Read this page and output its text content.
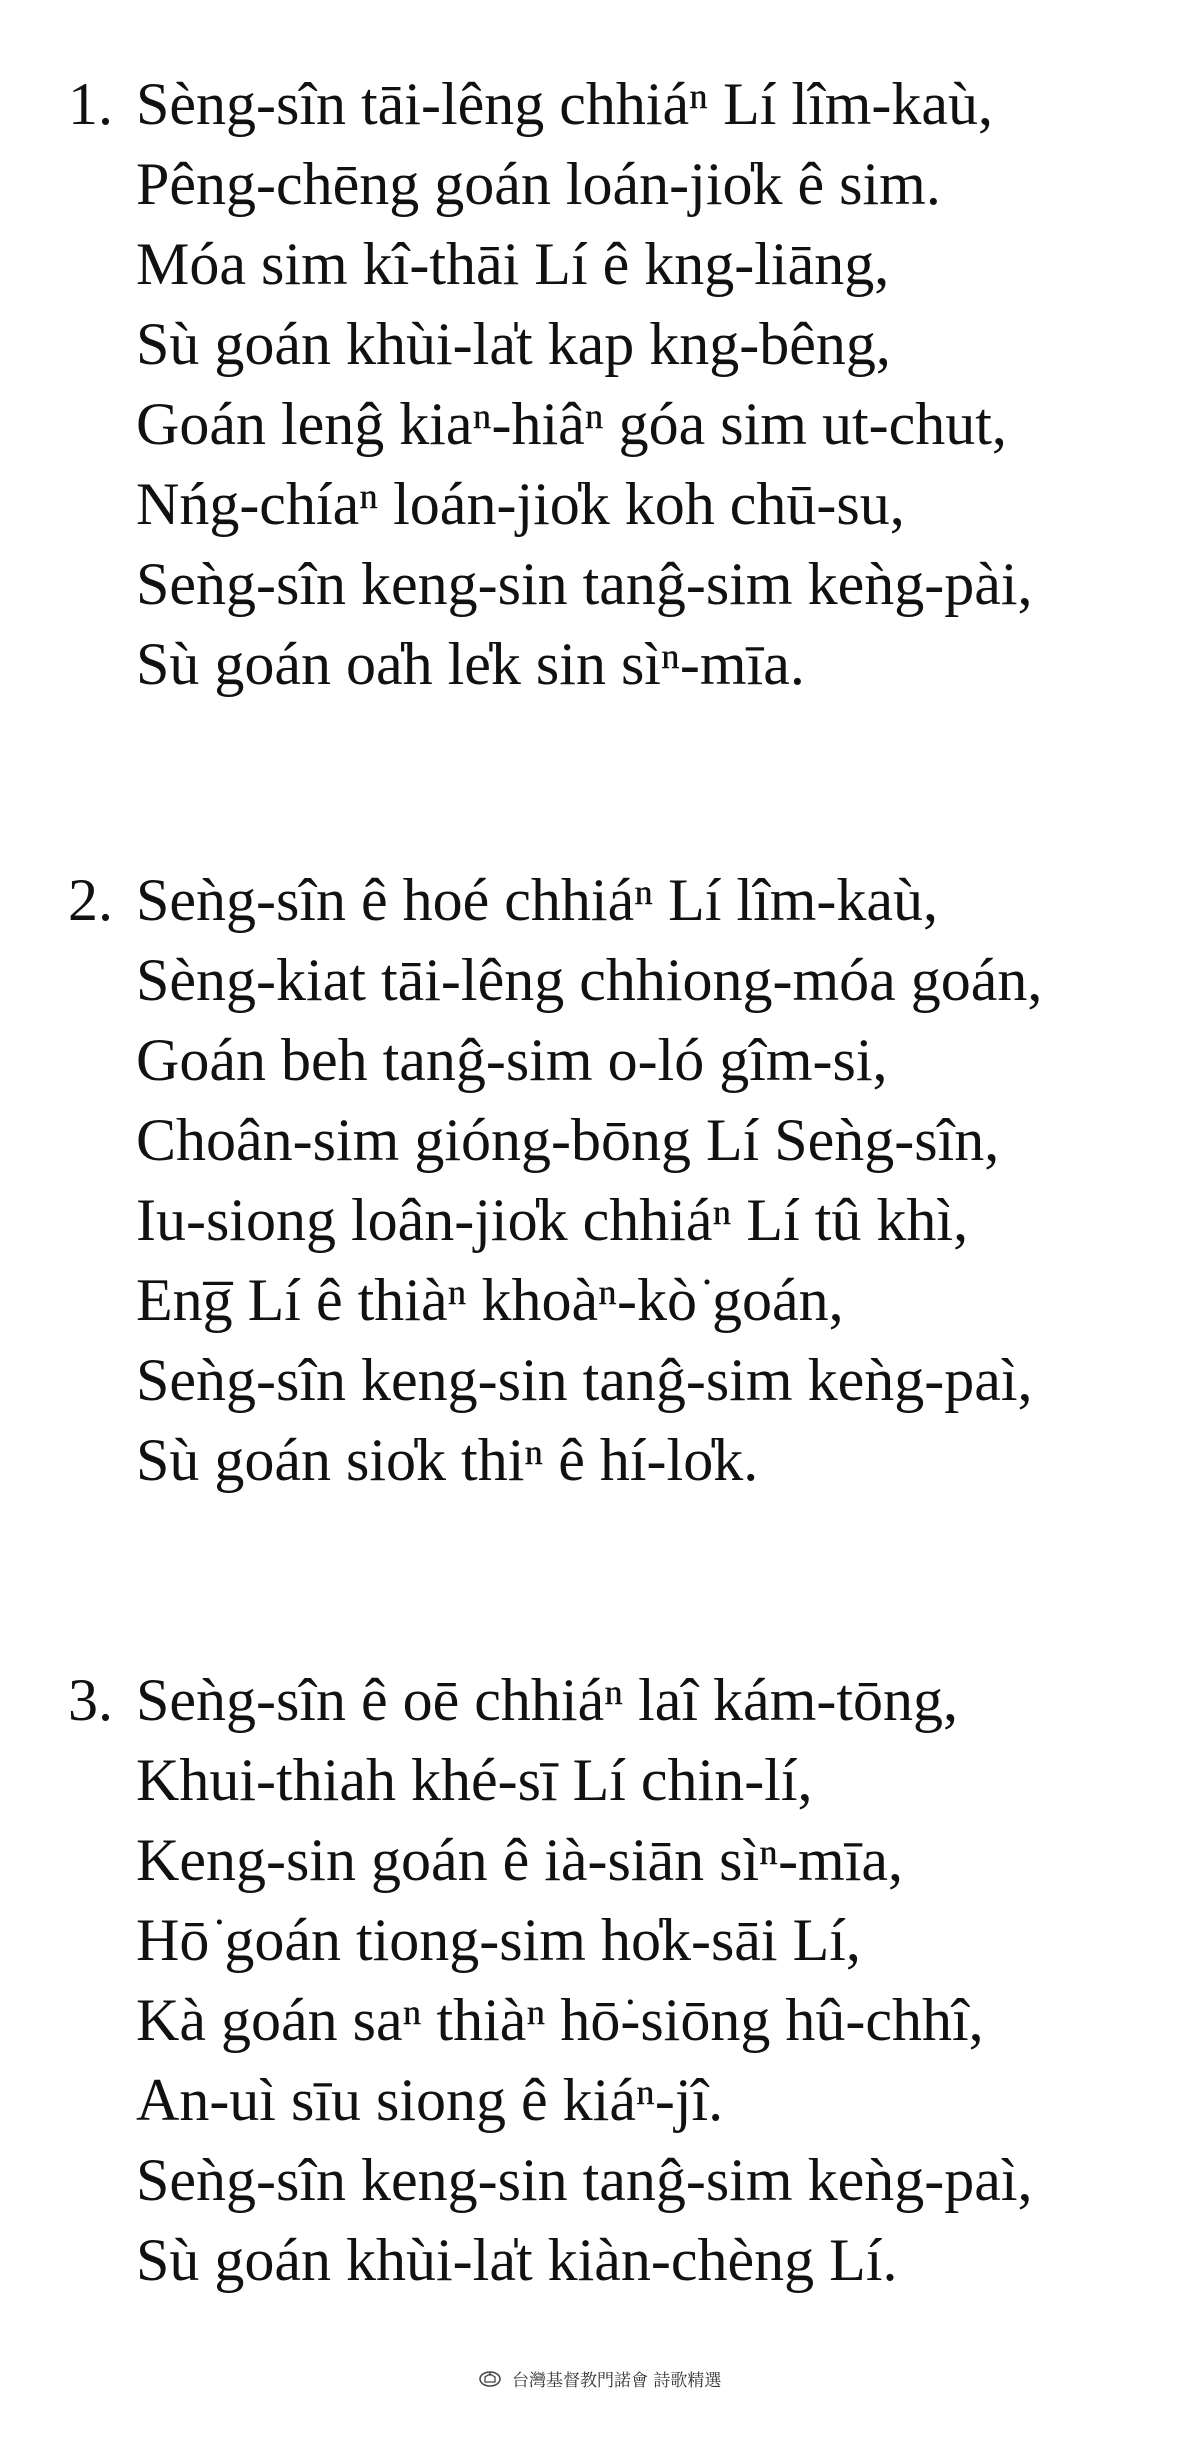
1. Sèng-sîn tāi-lêng chhiáⁿ Lí lîm-kaù,
Pêng-chēng goán loán-jio̍k ê sim.
Móa sim kî-thāi Lí ê kng-liāng,
Sù goán khùi-la̍t kap kng-bêng,
Goán lenĝ kiaⁿ-hiâⁿ góa sim ut-chut,
Nńg-chíaⁿ loán-jio̍k koh chū-su,
Seǹg-sîn keng-sin tanĝ-sim keǹg-pài,
Sù goán oa̍h le̍k sin sìⁿ-mīa.
2. Seǹg-sîn ê hoé chhiáⁿ Lí lîm-kaù,
Sèng-kiat tāi-lêng chhiong-móa goán,
Goán beh tanĝ-sim o-ló gîm-si,
Choân-sim gióng-bōng Lí Seǹg-sîn,
Iu-siong loân-jio̍k chhiáⁿ Lí tû khì,
Eng̅ Lí ê thiàⁿ khoàⁿ-kò͘ goán,
Seǹg-sîn keng-sin tanĝ-sim keǹg-paì,
Sù goán sio̍k thiⁿ ê hí-lo̍k.
3. Seǹg-sîn ê oē chhiáⁿ laî kám-tōng,
Khui-thiah khé-sī Lí chin-lí,
Keng-sin goán ê ià-siān sìⁿ-mīa,
Hō͘ goán tiong-sim ho̍k-sāi Lí,
Kà goán saⁿ thiàⁿ hō͘-siōng hû-chhî,
An-uì sīu siong ê kiáⁿ-jî.
Seǹg-sîn keng-sin tanĝ-sim keǹg-paì,
Sù goán khùi-la̍t kiàn-chèng Lí.
台灣基督教門諾會 詩歌精選
